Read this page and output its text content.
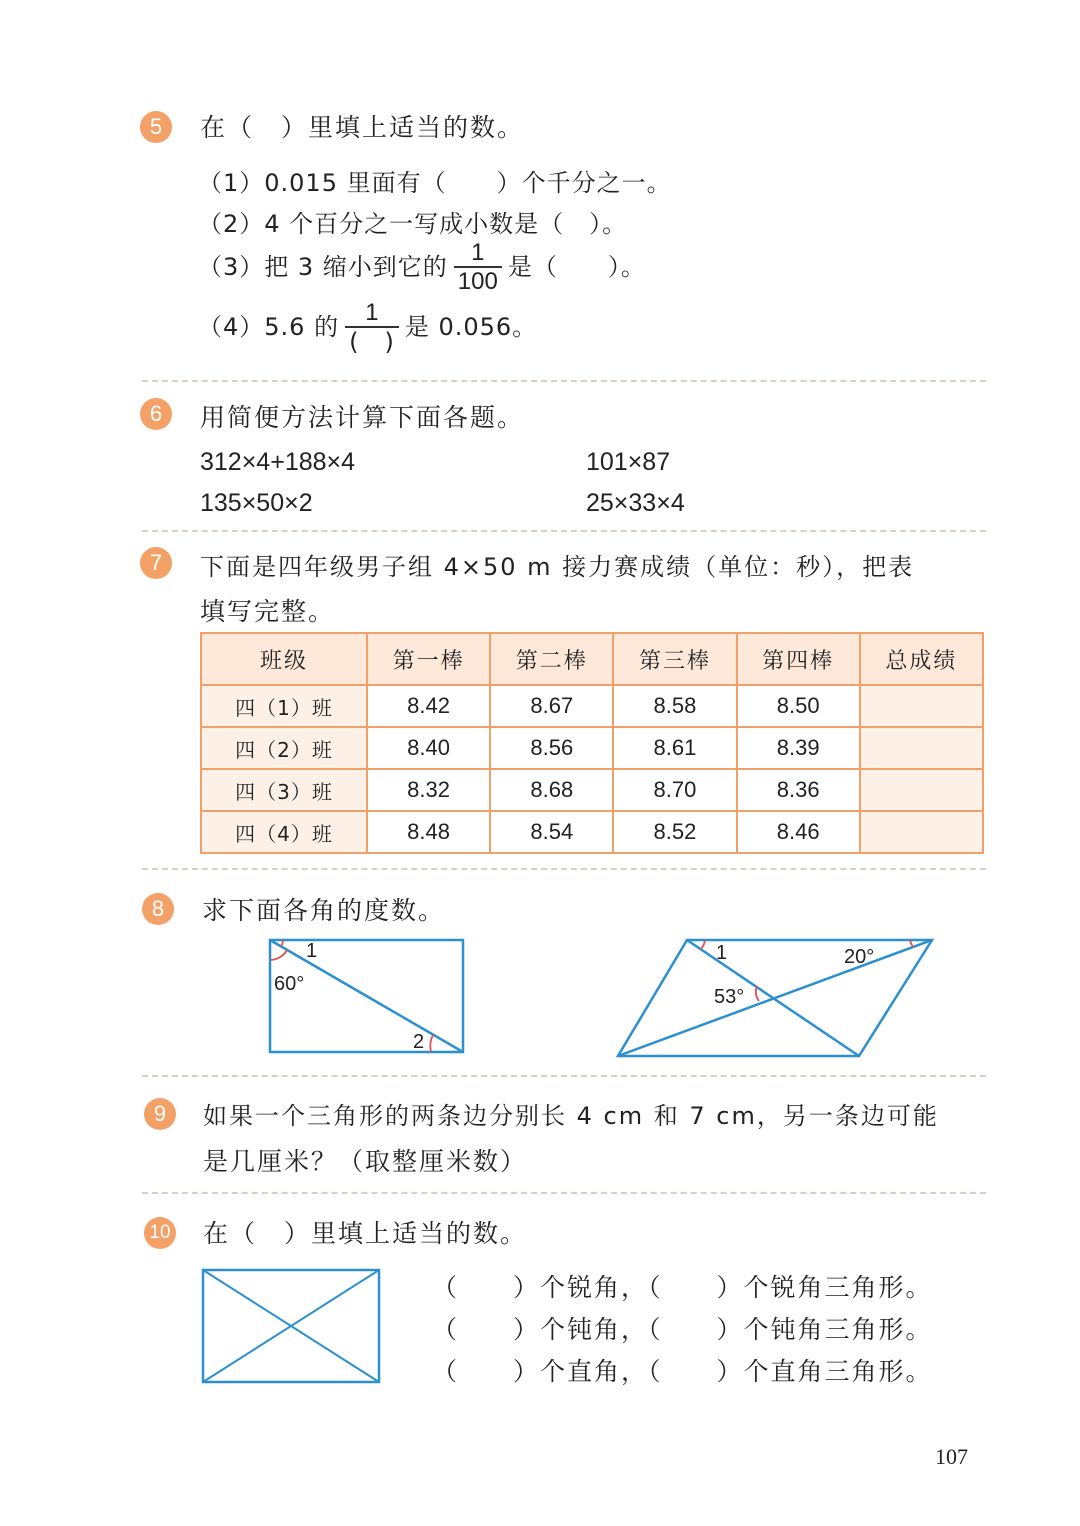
5	在（　）里填上适当的数。
（1）0.015 里面有（　　）个千分之一。
（2）4 个百分之一写成小数是（　）。
（3）把 3 缩小到它的 $\frac{1}{100}$ 是（　　）。
（4）5.6 的 $\frac{1}{( )}$ 是 0.056。
6	用简便方法计算下面各题。
312×4+188×4	101×87
135×50×2	25×33×4
7	下面是四年级男子组 4×50 m 接力赛成绩（单位：秒），把表
填写完整。
班级	第一棒	第二棒	第三棒	第四棒	总成绩
四（1）班	8.42	8.67	8.58	8.50	
四（2）班	8.40	8.56	8.61	8.39	
四（3）班	8.32	8.68	8.70	8.36	
四（4）班	8.48	8.54	8.52	8.46	
8	求下面各角的度数。
1
60°
2
1	20°
53°
9	如果一个三角形的两条边分别长 4 cm 和 7 cm，另一条边可能
是几厘米？（取整厘米数）
10 在（　）里填上适当的数。
（　　）个锐角，（　　）个锐角三角形。
（　　）个钝角，（　　）个钝角三角形。
（　　）个直角，（　　）个直角三角形。
107
